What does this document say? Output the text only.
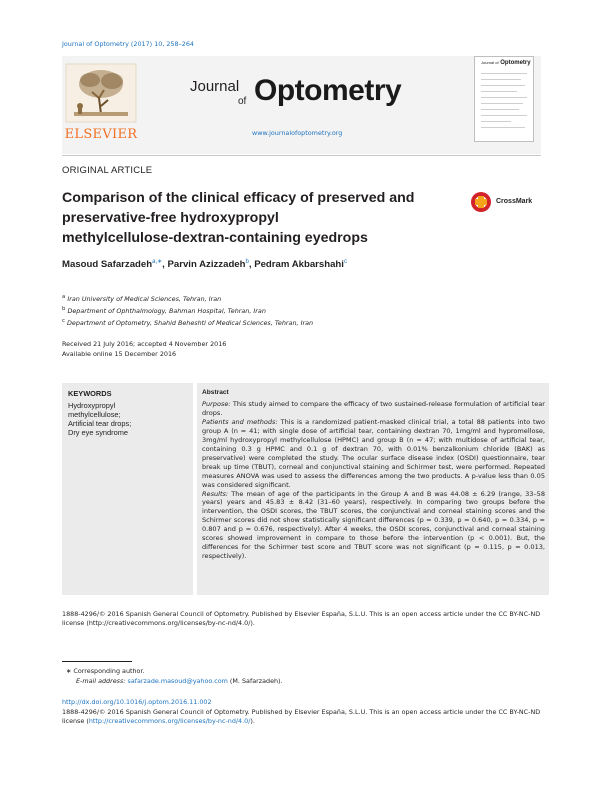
Journal of Optometry (2017) 10, 258–264
ELSEVIER
Journal
of Optometry
www.journalofoptometry.org
Journal of Optometry
ORIGINAL ARTICLE
Comparison of the clinical efficacy of preserved and
preservative-free hydroxypropyl
methylcellulose-dextran-containing eyedrops
CrossMark
Masoud Safarzadeh$^{a,∗}$, Parvin Azizzadeh$^b$, Pedram Akbarshahi$^c$
$^a$ Iran University of Medical Sciences, Tehran, Iran
$^b$ Department of Ophthalmology, Bahman Hospital, Tehran, Iran
$^c$ Department of Optometry, Shahid Beheshti of Medical Sciences, Tehran, Iran
Received 21 July 2016; accepted 4 November 2016
Available online 15 December 2016
KEYWORDS
Hydroxypropyl
methylcellulose;
Artificial tear drops;
Dry eye syndrome
Abstract

Purpose: This study aimed to compare the efficacy of two sustained-release formulation of artificial tear drops.

Patients and methods: This is a randomized patient-masked clinical trial, a total 88 patients into two group A (n = 41; with single dose of artificial tear, containing dextran 70, 1mg/ml and hypromellose, 3mg/ml hydroxypropyl methylcellulose (HPMC) and group B (n = 47; with multidose of artificial tear, containing 0.3 g HPMC and 0.1 g of dextran 70, with 0.01% benzalkonium chloride (BAK) as preservative) were completed the study. The ocular surface disease index (OSDI) questionnaire, tear break up time (TBUT), corneal and conjunctival staining and Schirmer test, were performed. Repeated measures ANOVA was used to assess the differences among the two products. A p-value less than 0.05 was considered significant.

Results: The mean of age of the participants in the Group A and B was 44.08 ± 6.29 (range, 33–58 years) years and 45.83 ± 8.42 (31–60 years), respectively. In comparing two groups before the intervention, the OSDI scores, the TBUT scores, the conjunctival and corneal staining scores and the Schirmer scores did not show statistically significant differences (p = 0.339, p = 0.640, p = 0.334, p = 0.807 and p = 0.676, respectively). After 4 weeks, the OSDI scores, conjunctival and corneal staining scores showed improvement in compare to those before the intervention (p < 0.001). But, the differences for the Schirmer test score and TBUT score was not significant (p = 0.115, p = 0.013, respectively).

1888-4296/© 2016 Spanish General Council of Optometry. Published by Elsevier España, S.L.U. This is an open access article under the CC BY-NC-ND license (http://creativecommons.org/licenses/by-nc-nd/4.0/).
∗ Corresponding author.
E-mail address: safarzade.masoud@yahoo.com (M. Safarzadeh).
http://dx.doi.org/10.1016/j.optom.2016.11.002
1888-4296/© 2016 Spanish General Council of Optometry. Published by Elsevier España, S.L.U. This is an open access article under the CC BY-NC-ND license (http://creativecommons.org/licenses/by-nc-nd/4.0/).
